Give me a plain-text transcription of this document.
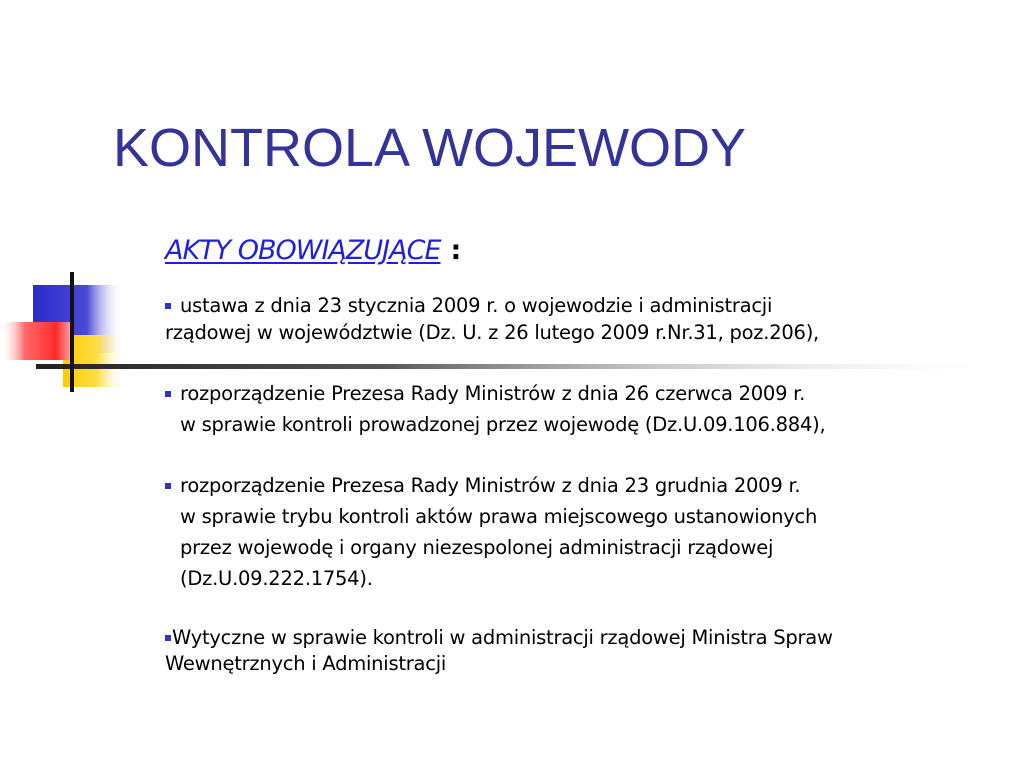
KONTROLA WOJEWODY
AKTY OBOWIĄZUJĄCE :
ustawa z dnia 23 stycznia 2009 r. o wojewodzie i administracji
rządowej w województwie (Dz. U. z 26 lutego 2009 r.Nr.31, poz.206),
rozporządzenie Prezesa Rady Ministrów z dnia 26 czerwca 2009 r.
w sprawie kontroli prowadzonej przez wojewodę (Dz.U.09.106.884),
rozporządzenie Prezesa Rady Ministrów z dnia 23 grudnia 2009 r.
w sprawie trybu kontroli aktów prawa miejscowego ustanowionych
przez wojewodę i organy niezespolonej administracji rządowej
(Dz.U.09.222.1754).
Wytyczne w sprawie kontroli w administracji rządowej Ministra Spraw
Wewnętrznych i Administracji
